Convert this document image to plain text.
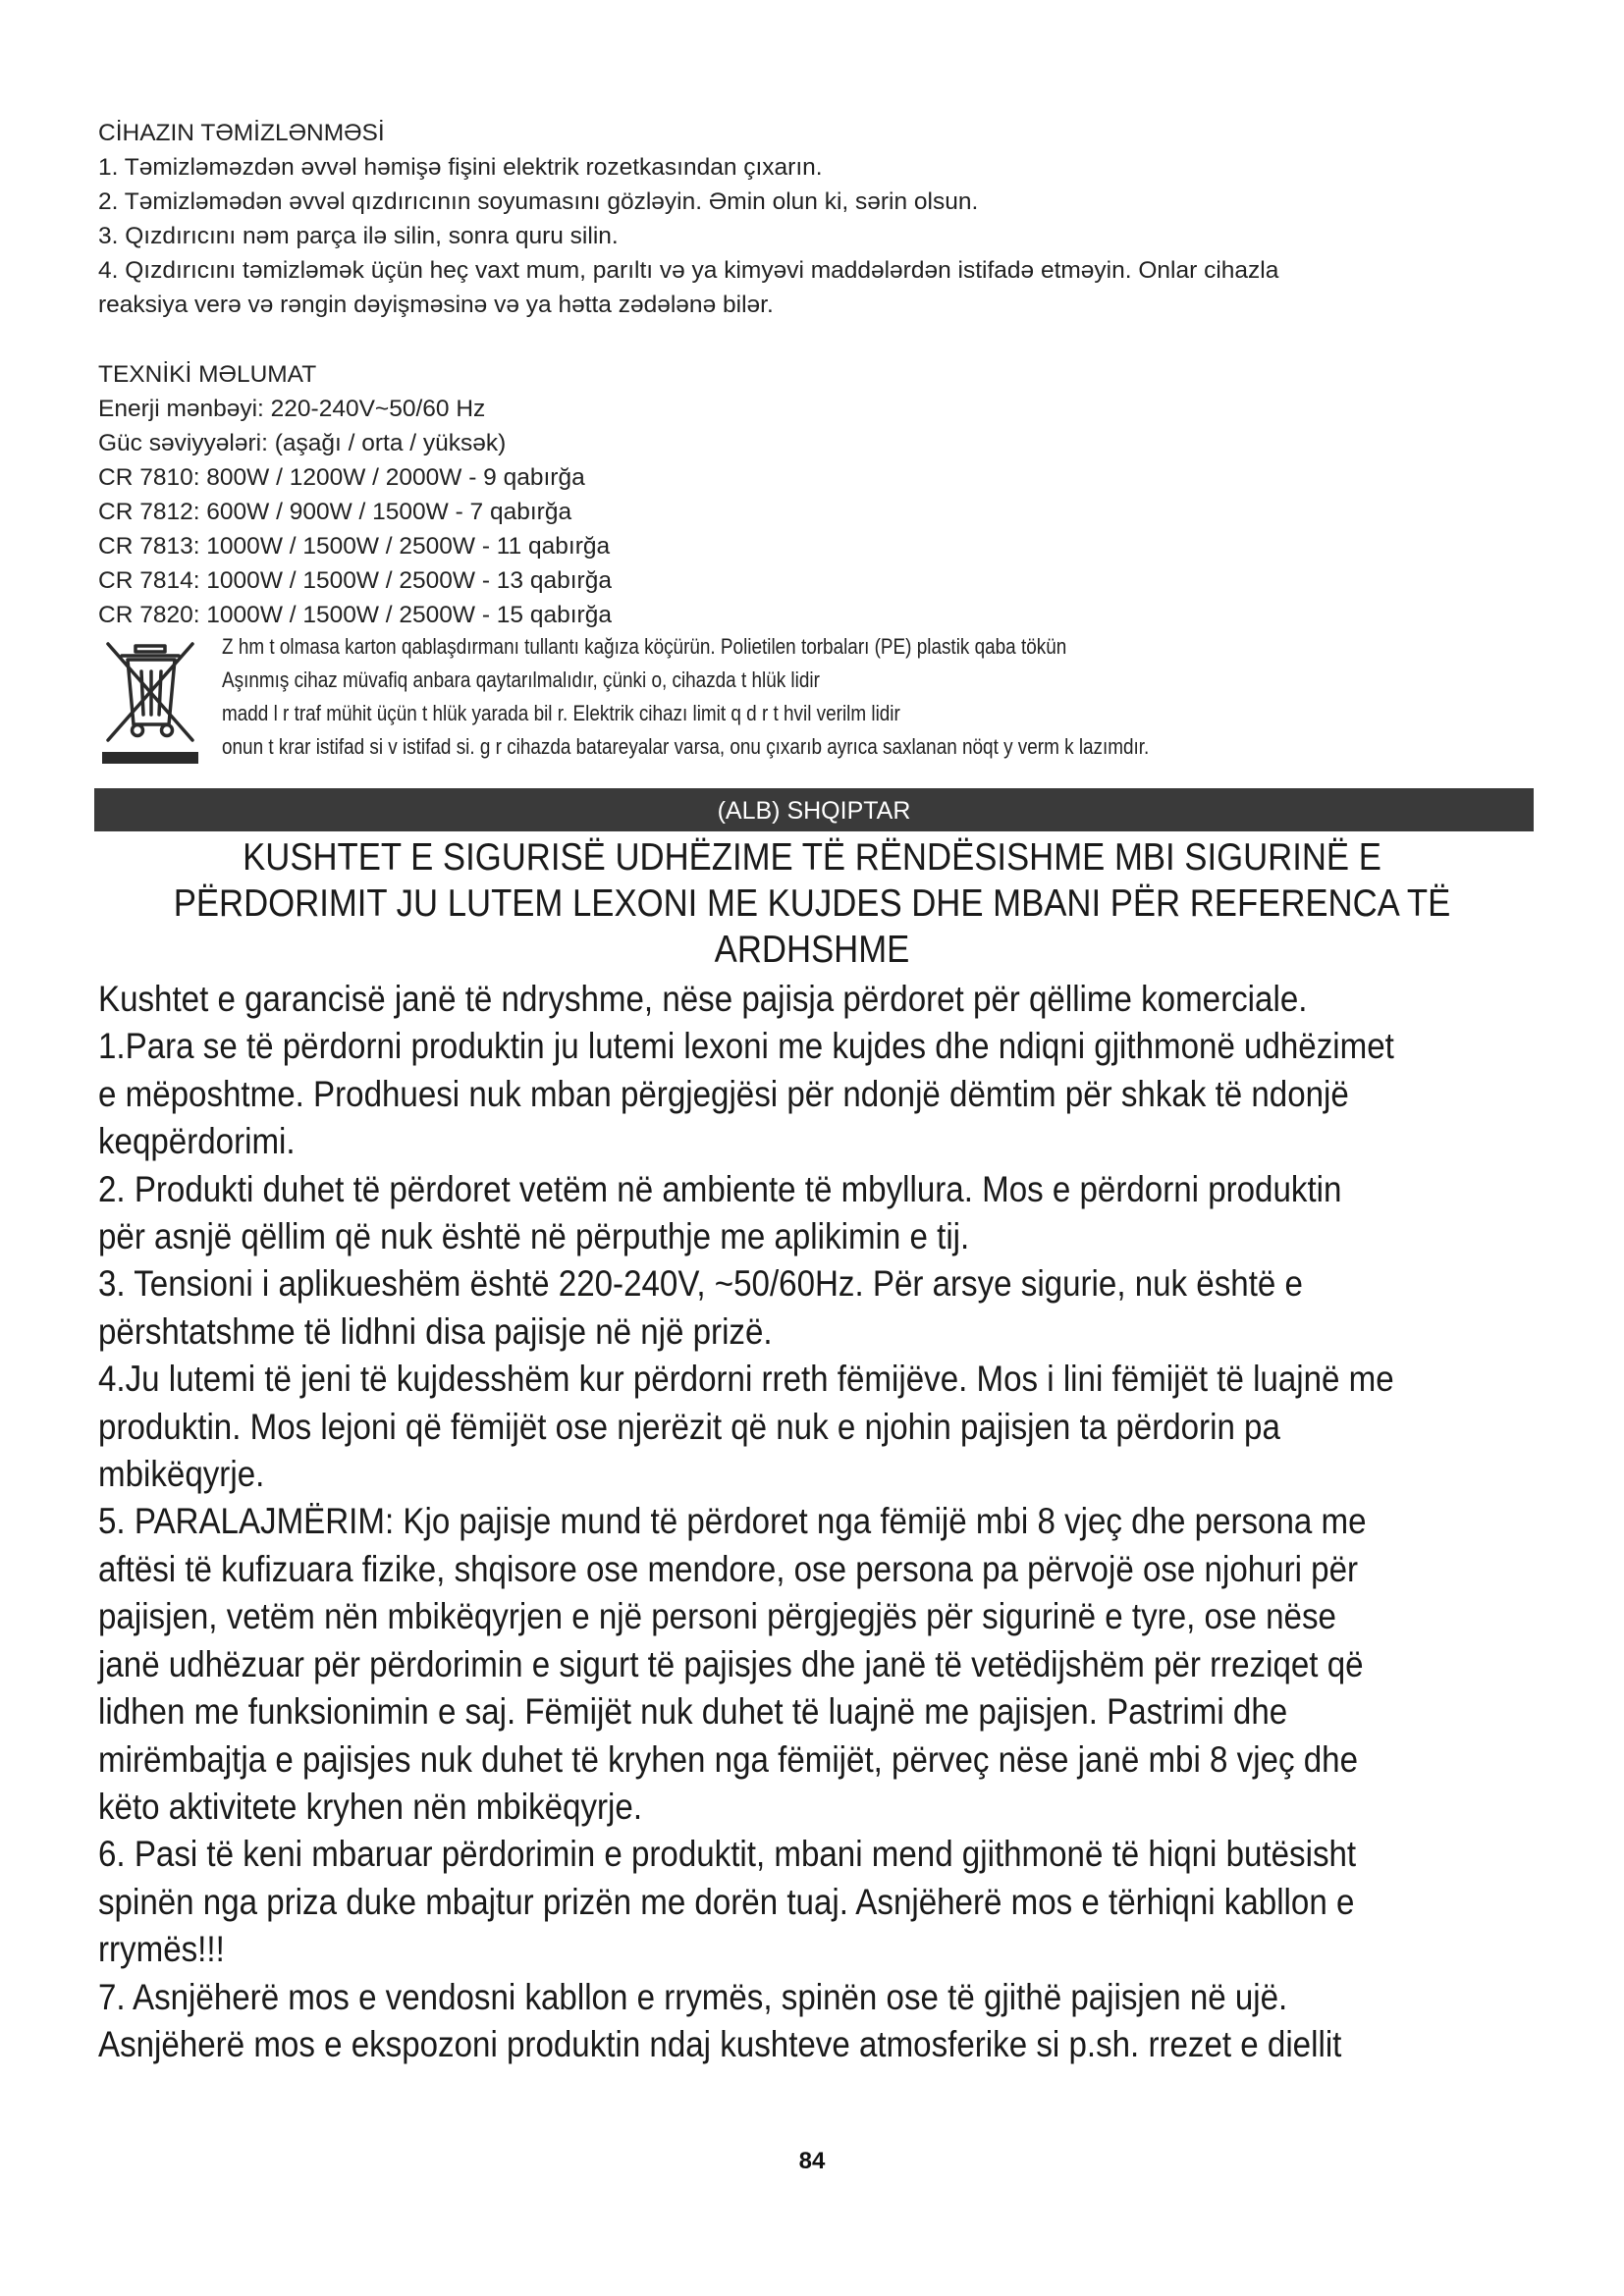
CİHAZIN TƏMİZLƏNMƏSİ

1. Təmizləməzdən əvvəl həmişə fişini elektrik rozetkasından çıxarın.

2. Təmizləmədən əvvəl qızdırıcının soyumasını gözləyin. Əmin olun ki, sərin olsun.

3. Qızdırıcını nəm parça ilə silin, sonra quru silin.

4. Qızdırıcını təmizləmək üçün heç vaxt mum, parıltı və ya kimyəvi maddələrdən istifadə etməyin. Onlar cihazla

reaksiya verə və rəngin dəyişməsinə və ya hətta zədələnə bilər.

TEXNİKİ MƏLUMAT

Enerji mənbəyi: 220-240V~50/60 Hz

Güc səviyyələri: (aşağı / orta / yüksək)

CR 7810: 800W / 1200W / 2000W - 9 qabırğa

CR 7812: 600W / 900W / 1500W - 7 qabırğa

CR 7813: 1000W / 1500W / 2500W - 11 qabırğa

CR 7814: 1000W / 1500W / 2500W - 13 qabırğa

CR 7820: 1000W / 1500W / 2500W - 15 qabırğa

Z hm t olmasa karton qablaşdırmanı tullantı kağıza köçürün. Polietilen torbaları (PE) plastik qaba tökün

Aşınmış cihaz müvafiq anbara qaytarılmalıdır, çünki o, cihazda t hlük lidir

madd l r traf mühit üçün t hlük yarada bil r. Elektrik cihazı limit q d r t hvil verilm lidir

onun t krar istifad si v istifad si. g r cihazda batareyalar varsa, onu çıxarıb ayrıca saxlanan nöqt y verm k lazımdır.

(ALB) SHQIPTAR

KUSHTET E SIGURISË UDHËZIME TË RËNDËSISHME MBI SIGURINË E

PËRDORIMIT JU LUTEM LEXONI ME KUJDES DHE MBANI PËR REFERENCA TË

ARDHSHME

Kushtet e garancisë janë të ndryshme, nëse pajisja përdoret për qëllime komerciale.

1.Para se të përdorni produktin ju lutemi lexoni me kujdes dhe ndiqni gjithmonë udhëzimet

e mëposhtme. Prodhuesi nuk mban përgjegjësi për ndonjë dëmtim për shkak të ndonjë

keqpërdorimi.

2. Produkti duhet të përdoret vetëm në ambiente të mbyllura. Mos e përdorni produktin

për asnjë qëllim që nuk është në përputhje me aplikimin e tij.

3. Tensioni i aplikueshëm është 220-240V, ~50/60Hz. Për arsye sigurie, nuk është e

përshtatshme të lidhni disa pajisje në një prizë.

4.Ju lutemi të jeni të kujdesshëm kur përdorni rreth fëmijëve. Mos i lini fëmijët të luajnë me

produktin. Mos lejoni që fëmijët ose njerëzit që nuk e njohin pajisjen ta përdorin pa

mbikëqyrje.

5. PARALAJMËRIM: Kjo pajisje mund të përdoret nga fëmijë mbi 8 vjeç dhe persona me

aftësi të kufizuara fizike, shqisore ose mendore, ose persona pa përvojë ose njohuri për

pajisjen, vetëm nën mbikëqyrjen e një personi përgjegjës për sigurinë e tyre, ose nëse

janë udhëzuar për përdorimin e sigurt të pajisjes dhe janë të vetëdijshëm për rreziqet që

lidhen me funksionimin e saj. Fëmijët nuk duhet të luajnë me pajisjen. Pastrimi dhe

mirëmbajtja e pajisjes nuk duhet të kryhen nga fëmijët, përveç nëse janë mbi 8 vjeç dhe

këto aktivitete kryhen nën mbikëqyrje.

6. Pasi të keni mbaruar përdorimin e produktit, mbani mend gjithmonë të hiqni butësisht

spinën nga priza duke mbajtur prizën me dorën tuaj. Asnjëherë mos e tërhiqni kabllon e

rrymës!!!

7. Asnjëherë mos e vendosni kabllon e rrymës, spinën ose të gjithë pajisjen në ujë.

Asnjëherë mos e ekspozoni produktin ndaj kushteve atmosferike si p.sh. rrezet e diellit

84
